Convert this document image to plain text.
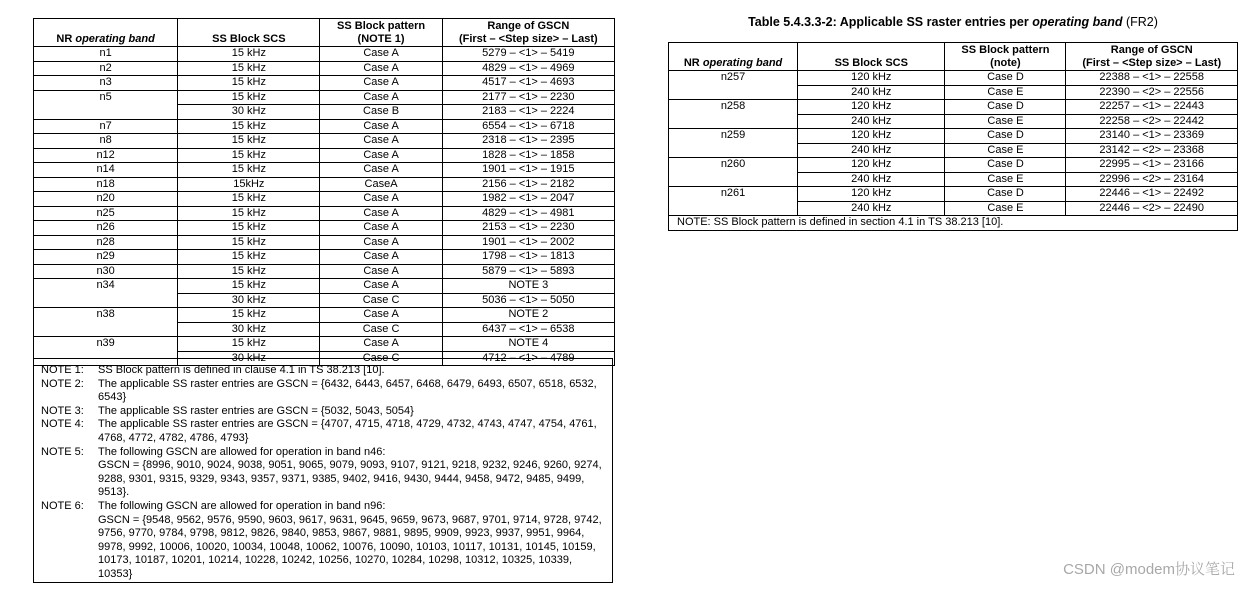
NR operating band	SS Block SCS	SS Block pattern
(NOTE 1)	Range of GSCN
(First – <Step size> – Last)
n1	15 kHz	Case A	5279 – <1> – 5419
n2	15 kHz	Case A	4829 – <1> – 4969
n3	15 kHz	Case A	4517 – <1> – 4693
n5	15 kHz	Case A	2177 – <1> – 2230
	30 kHz	Case B	2183 – <1> – 2224
n7	15 kHz	Case A	6554 – <1> – 6718
n8	15 kHz	Case A	2318 – <1> – 2395
n12	15 kHz	Case A	1828 – <1> – 1858
n14	15 kHz	Case A	1901 – <1> – 1915
n18	15kHz	CaseA	2156 – <1> – 2182
n20	15 kHz	Case A	1982 – <1> – 2047
n25	15 kHz	Case A	4829 – <1> – 4981
n26	15 kHz	Case A	2153 – <1> – 2230
n28	15 kHz	Case A	1901 – <1> – 2002
n29	15 kHz	Case A	1798 – <1> – 1813
n30	15 kHz	Case A	5879 – <1> – 5893
n34	15 kHz	Case A	NOTE 3
	30 kHz	Case C	5036 – <1> – 5050
n38	15 kHz	Case A	NOTE 2
	30 kHz	Case C	6437 – <1> – 6538
n39	15 kHz	Case A	NOTE 4
	30 kHz	Case C	4712 – <1> – 4789
NOTE 1:	SS Block pattern is defined in clause 4.1 in TS 38.213 [10].
NOTE 2:	The applicable SS raster entries are GSCN = {6432, 6443, 6457, 6468, 6479, 6493, 6507, 6518, 6532, 6543}
NOTE 3:	The applicable SS raster entries are GSCN = {5032, 5043, 5054}
NOTE 4:	The applicable SS raster entries are GSCN = {4707, 4715, 4718, 4729, 4732, 4743, 4747, 4754, 4761, 4768, 4772, 4782, 4786, 4793}
NOTE 5:	The following GSCN are allowed for operation in band n46:
GSCN = {8996, 9010, 9024, 9038, 9051, 9065, 9079, 9093, 9107, 9121, 9218, 9232, 9246, 9260, 9274, 9288, 9301, 9315, 9329, 9343, 9357, 9371, 9385, 9402, 9416, 9430, 9444, 9458, 9472, 9485, 9499, 9513}.
NOTE 6:	The following GSCN are allowed for operation in band n96:
GSCN = {9548, 9562, 9576, 9590, 9603, 9617, 9631, 9645, 9659, 9673, 9687, 9701, 9714, 9728, 9742, 9756, 9770, 9784, 9798, 9812, 9826, 9840, 9853, 9867, 9881, 9895, 9909, 9923, 9937, 9951, 9964, 9978, 9992, 10006, 10020, 10034, 10048, 10062, 10076, 10090, 10103, 10117, 10131, 10145, 10159, 10173, 10187, 10201, 10214, 10228, 10242, 10256, 10270, 10284, 10298, 10312, 10325, 10339, 10353}
Table 5.4.3.3-2: Applicable SS raster entries per operating band (FR2)
NR operating band	SS Block SCS	SS Block pattern
(note)	Range of GSCN
(First – <Step size> – Last)
n257	120 kHz	Case D	22388 – <1> – 22558
	240 kHz	Case E	22390 – <2> – 22556
n258	120 kHz	Case D	22257 – <1> – 22443
	240 kHz	Case E	22258 – <2> – 22442
n259	120 kHz	Case D	23140 – <1> – 23369
	240 kHz	Case E	23142 – <2> – 23368
n260	120 kHz	Case D	22995 – <1> – 23166
	240 kHz	Case E	22996 – <2> – 23164
n261	120 kHz	Case D	22446 – <1> – 22492
	240 kHz	Case E	22446 – <2> – 22490
NOTE: SS Block pattern is defined in section 4.1 in TS 38.213 [10].			
CSDN @modem协议笔记
